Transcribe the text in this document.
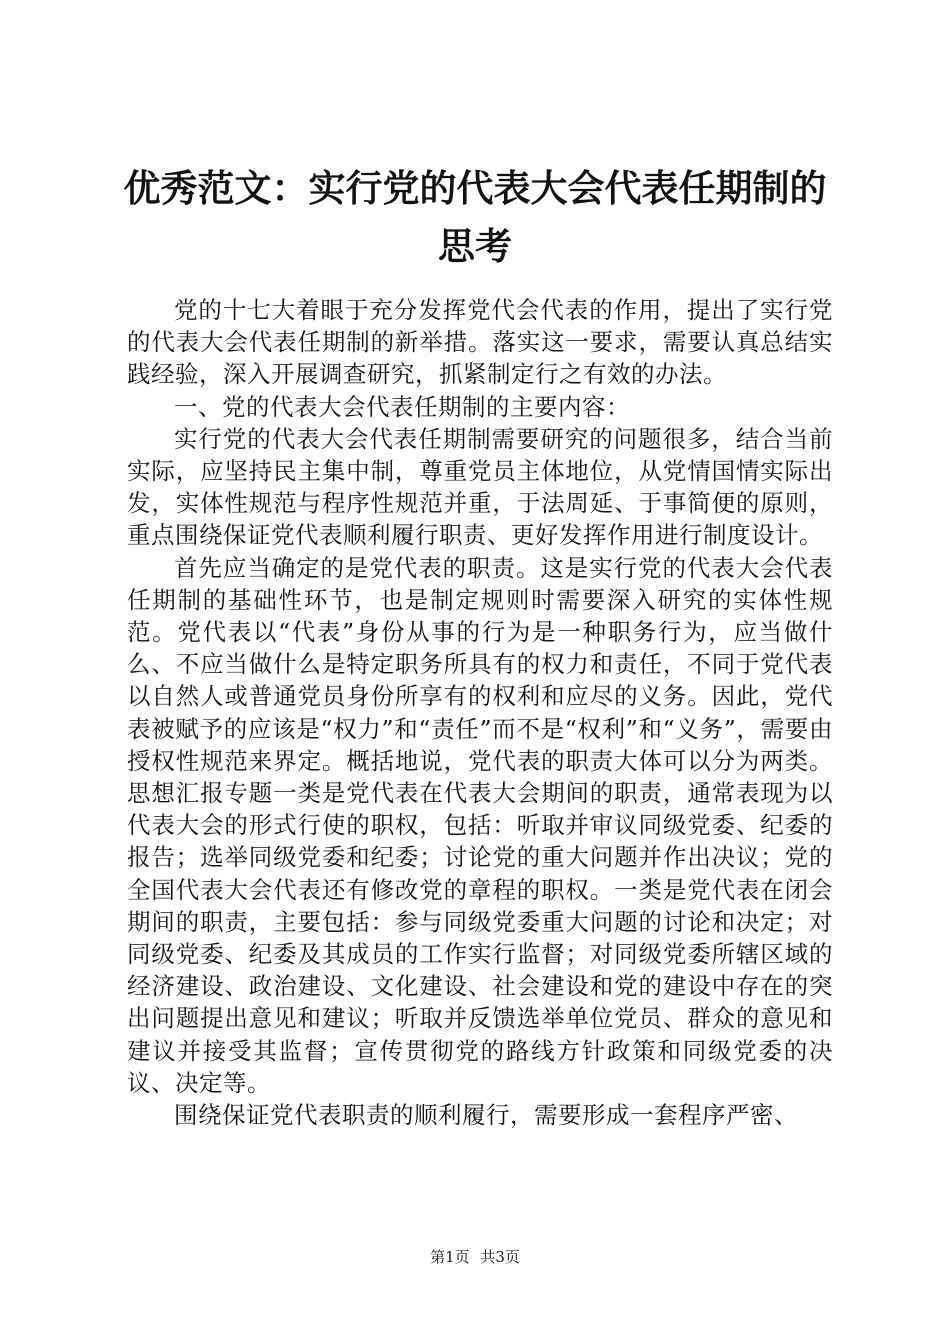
优秀范文：实行党的代表大会代表任期制的思考

党的十七大着眼于充分发挥党代会代表的作用，提出了实行党的代表大会代表任期制的新举措。落实这一要求，需要认真总结实践经验，深入开展调查研究，抓紧制定行之有效的办法。

一、党的代表大会代表任期制的主要内容：

实行党的代表大会代表任期制需要研究的问题很多，结合当前实际，应坚持民主集中制，尊重党员主体地位，从党情国情实际出发，实体性规范与程序性规范并重，于法周延、于事简便的原则，重点围绕保证党代表顺利履行职责、更好发挥作用进行制度设计。

首先应当确定的是党代表的职责。这是实行党的代表大会代表任期制的基础性环节，也是制定规则时需要深入研究的实体性规范。党代表以“代表”身份从事的行为是一种职务行为，应当做什么、不应当做什么是特定职务所具有的权力和责任，不同于党代表以自然人或普通党员身份所享有的权利和应尽的义务。因此，党代表被赋予的应该是“权力”和“责任”而不是“权利”和“义务”，需要由授权性规范来界定。概括地说，党代表的职责大体可以分为两类。思想汇报专题一类是党代表在代表大会期间的职责，通常表现为以代表大会的形式行使的职权，包括：听取并审议同级党委、纪委的报告；选举同级党委和纪委；讨论党的重大问题并作出决议；党的全国代表大会代表还有修改党的章程的职权。一类是党代表在闭会期间的职责，主要包括：参与同级党委重大问题的讨论和决定；对同级党委、纪委及其成员的工作实行监督；对同级党委所辖区域的经济建设、政治建设、文化建设、社会建设和党的建设中存在的突出问题提出意见和建议；听取并反馈选举单位党员、群众的意见和建议并接受其监督；宣传贯彻党的路线方针政策和同级党委的决议、决定等。

围绕保证党代表职责的顺利履行，需要形成一套程序严密、

第1页 共3页
